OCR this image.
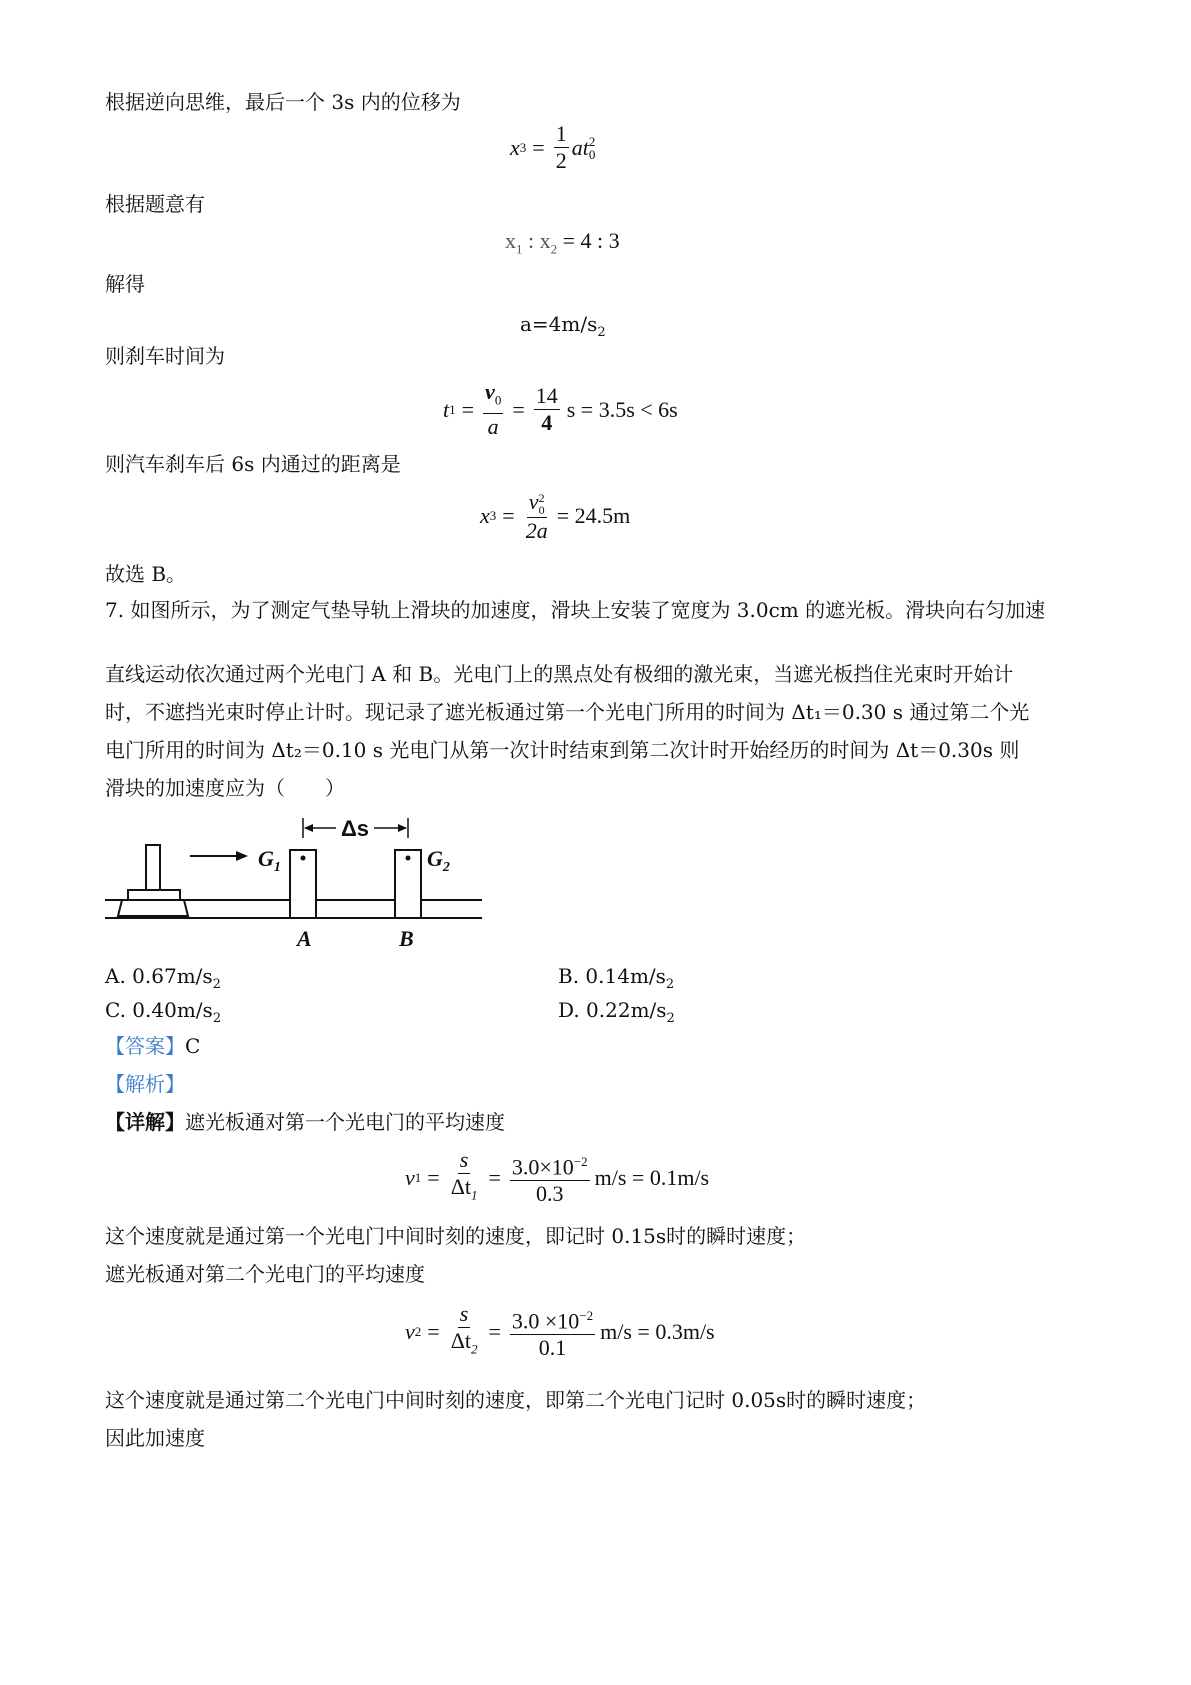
根据逆向思维，最后一个 3s 内的位移为
x $3 = \frac{1}{2}$ at 2
0
根据题意有
$x_1$ : $x_2 = 4$ : 3
解得
$a=4m/s_2$
则刹车时间为
t $1 = \frac{v_0}{a} = \frac{14}{4}$ s = 3.5s < 6s
则汽车刹车后 6s 内通过的距离是
x 3 = v 2
0
2a = 24.5m
故选 B。
7. 如图所示，为了测定气垫导轨上滑块的加速度，滑块上安装了宽度为 3.0cm 的遮光板。滑块向右匀加速
直线运动依次通过两个光电门 A 和 B。光电门上的黑点处有极细的激光束，当遮光板挡住光束时开始计
时，不遮挡光束时停止计时。现记录了遮光板通过第一个光电门所用的时间为 Δt₁＝0.30 s 通过第二个光
电门所用的时间为 Δt₂＝0.10 s 光电门从第一次计时结束到第二次计时开始经历的时间为 Δt＝0.30s 则
滑块的加速度应为（　　）
Δs
$G_1$	$G_2$
A	B
A. $0.67m/s_2$	B. $0.14m/s_2$
C. $0.40m/s_2$	D. $0.22m/s_2$
【答案】C
【解析】
【详解】遮光板通对第一个光电门的平均速度
v $1 = \frac{s}{\Delta t_1} = \frac{3.0\times 10^{-2}}{0.3} m/s = 0.1m/s$
这个速度就是通过第一个光电门中间时刻的速度，即记时 0.15s时的瞬时速度；
遮光板通对第二个光电门的平均速度
v $2 = \frac{s}{\Delta t_2} = \frac{3.0 \times 10^{-2}}{0.1} m/s = 0.3m/s$
这个速度就是通过第二个光电门中间时刻的速度，即第二个光电门记时 0.05s时的瞬时速度；
因此加速度
